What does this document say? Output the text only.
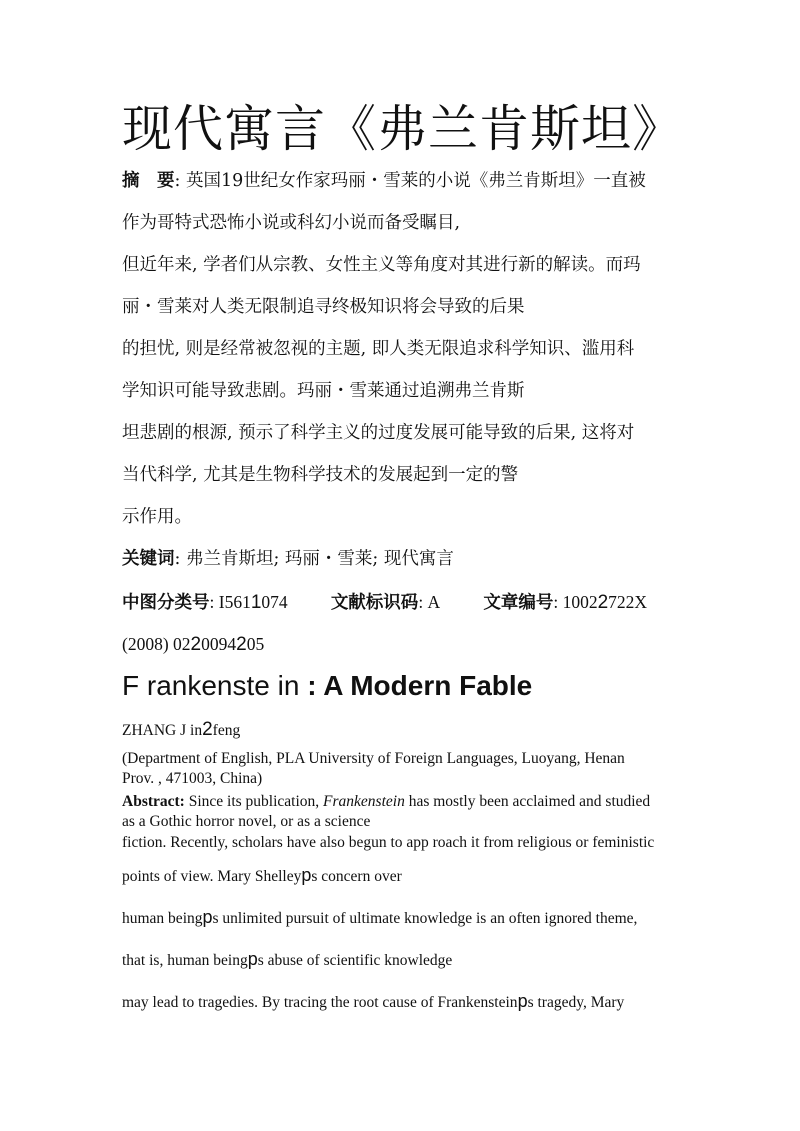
现代寓言《弗兰肯斯坦》
摘　要: 英国19世纪女作家玛丽・雪莱的小说《弗兰肯斯坦》一直被
作为哥特式恐怖小说或科幻小说而备受瞩目,
但近年来, 学者们从宗教、女性主义等角度对其进行新的解读。而玛
丽・雪莱对人类无限制追寻终极知识将会导致的后果
的担忧, 则是经常被忽视的主题, 即人类无限追求科学知识、滥用科
学知识可能导致悲剧。玛丽・雪莱通过追溯弗兰肯斯
坦悲剧的根源, 预示了科学主义的过度发展可能导致的后果, 这将对
当代科学, 尤其是生物科学技术的发展起到一定的警
示作用。
关键词: 弗兰肯斯坦; 玛丽・雪莱; 现代寓言
中图分类号: I5611074 文献标识码: A 文章编号: 10022722X
(2008) 0220094205
F rankenste in : A Modern Fable
ZHANG J in2feng
(Department of English, PLA University of Foreign Languages, Luoyang, Henan
Prov. , 471003, China)
Abstract: Since its publication, Frankenstein has mostly been acclaimed and studied
as a Gothic horror novel, or as a science
fiction. Recently, scholars have also begun to app roach it from religious or feministic
points of view. Mary Shelleyps concern over
human beingps unlimited pursuit of ultimate knowledge is an often ignored theme,
that is, human beingps abuse of scientific knowledge
may lead to tragedies. By tracing the root cause of Frankensteinps tragedy, Mary
